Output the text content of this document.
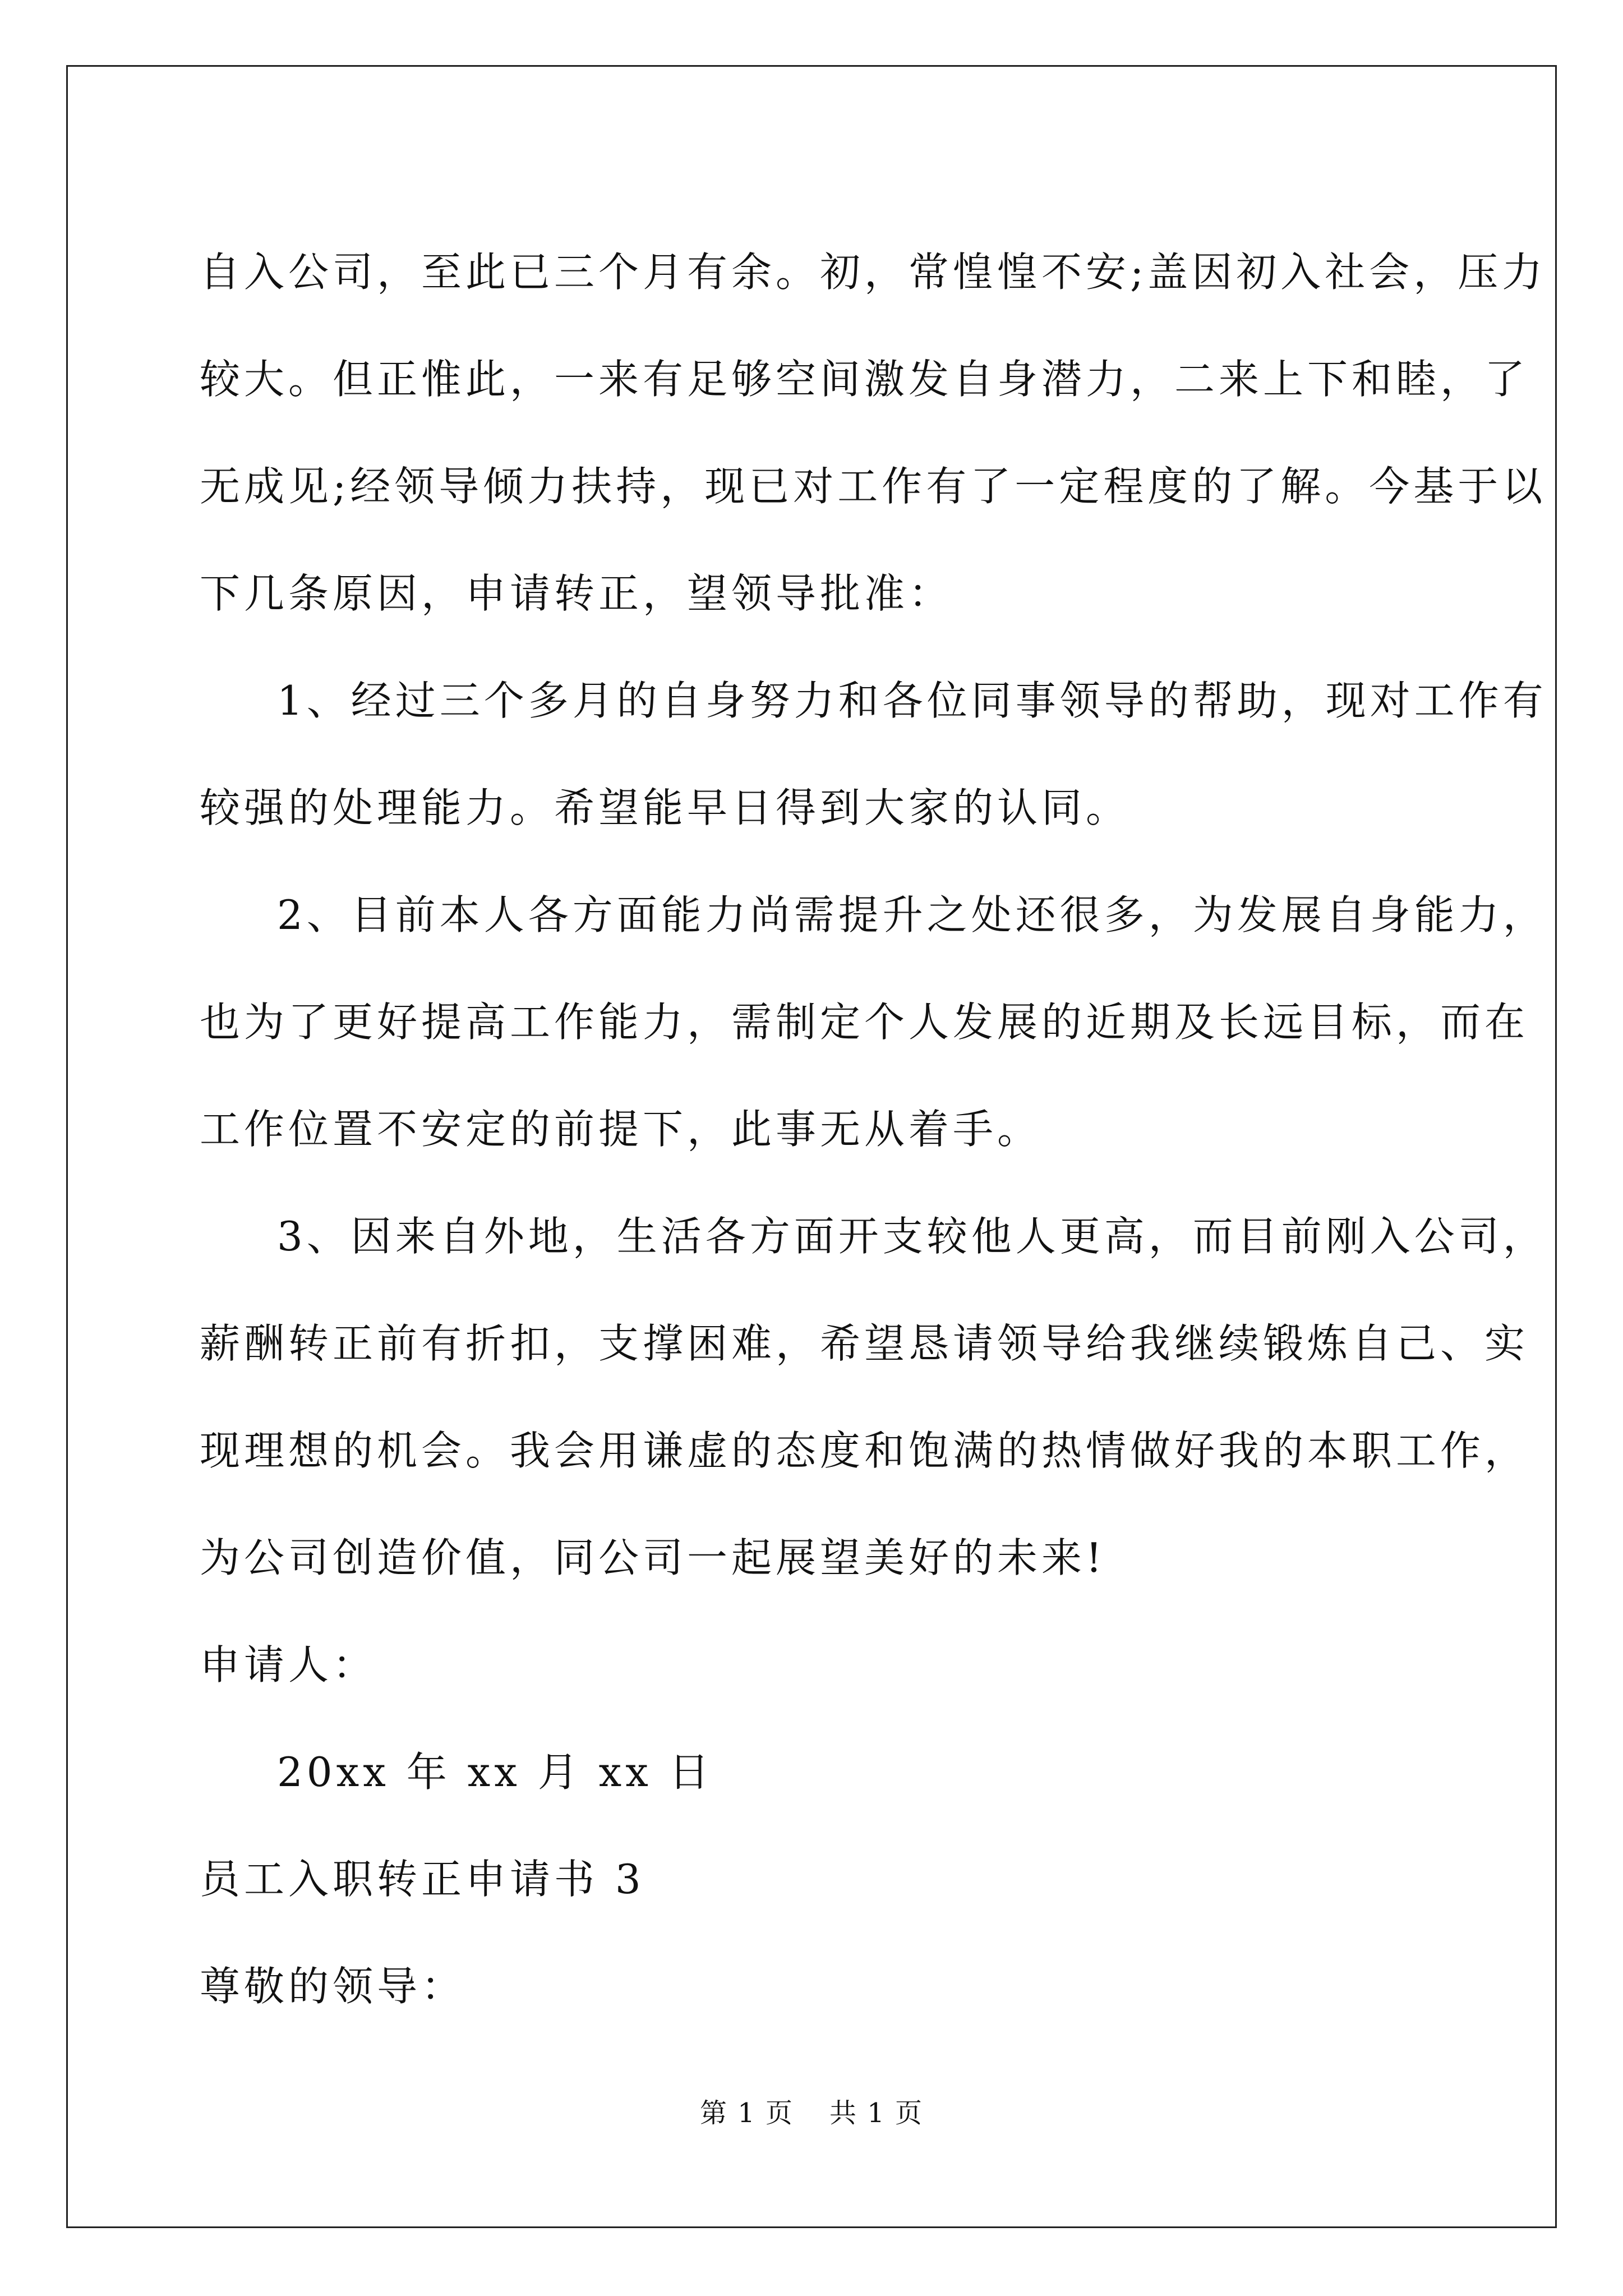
自入公司，至此已三个月有余。初，常惶惶不安;盖因初入社会，压力

较大。但正惟此，一来有足够空间激发自身潜力，二来上下和睦，了

无成见;经领导倾力扶持，现已对工作有了一定程度的了解。今基于以

下几条原因，申请转正，望领导批准：

1、经过三个多月的自身努力和各位同事领导的帮助，现对工作有

较强的处理能力。希望能早日得到大家的认同。

2、目前本人各方面能力尚需提升之处还很多，为发展自身能力，

也为了更好提高工作能力，需制定个人发展的近期及长远目标，而在

工作位置不安定的前提下，此事无从着手。

3、因来自外地，生活各方面开支较他人更高，而目前刚入公司，

薪酬转正前有折扣，支撑困难，希望恳请领导给我继续锻炼自己、实

现理想的机会。我会用谦虚的态度和饱满的热情做好我的本职工作，

为公司创造价值，同公司一起展望美好的未来!

申请人：

20xx 年 xx 月 xx 日

员工入职转正申请书 3

尊敬的领导：

第 1 页 共 1 页
